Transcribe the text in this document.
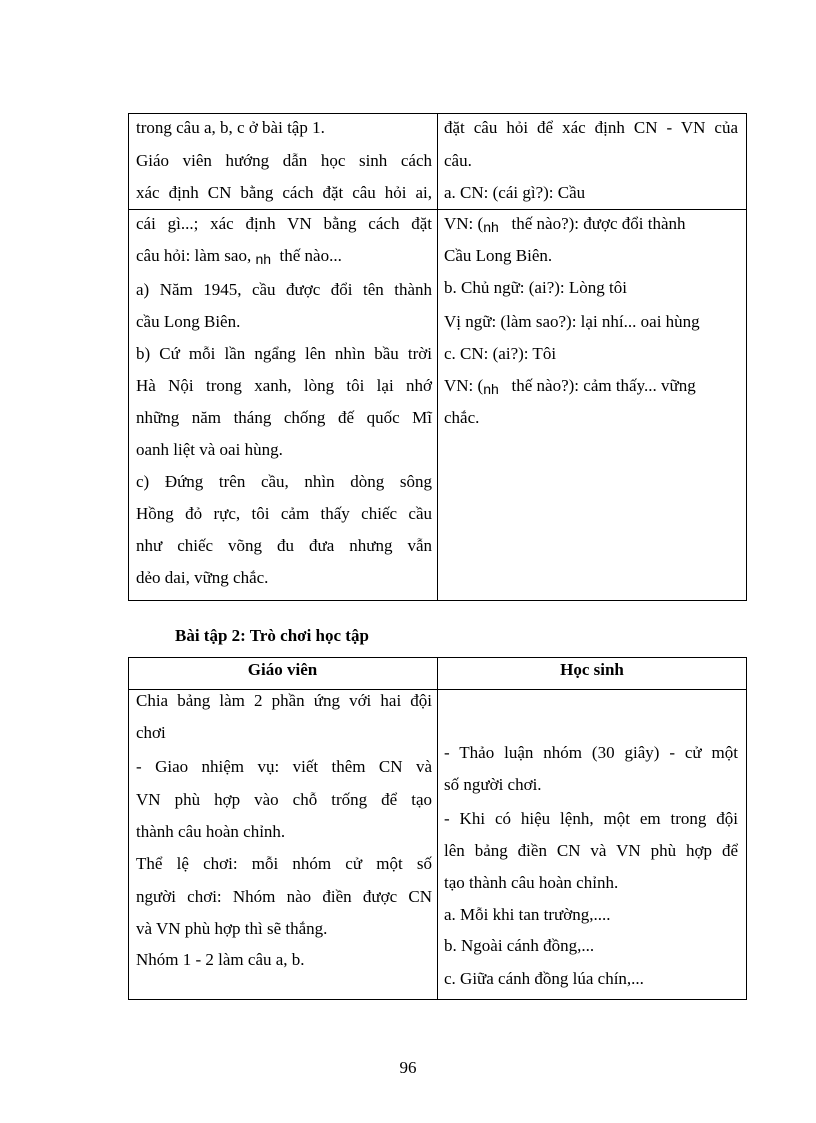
trong câu a, b, c ở bài tập 1.
Giáo viên hướng dẫn học sinh cách
xác định CN bằng cách đặt câu hỏi ai,
đặt câu hỏi để xác định CN - VN của
câu.
a. CN: (cái gì?): Cầu
cái gì...; xác định VN bằng cách đặt
câu hỏi: làm sao, nh thế nào...
a) Năm 1945, cầu được đổi tên thành
cầu Long Biên.
b) Cứ mỗi lần ngẩng lên nhìn bầu trời
Hà Nội trong xanh, lòng tôi lại nhớ
những năm tháng chống đế quốc Mĩ
oanh liệt và oai hùng.
c) Đứng trên cầu, nhìn dòng sông
Hồng đỏ rực, tôi cảm thấy chiếc cầu
như chiếc võng đu đưa nhưng vẫn
dẻo dai, vững chắc.
VN: (nh thế nào?): được đổi thành
Cầu Long Biên.
b. Chủ ngữ: (ai?): Lòng tôi
Vị ngữ: (làm sao?): lại nhí... oai hùng
c. CN: (ai?): Tôi
VN: (nh thế nào?): cảm thấy... vững
chắc.
Bài tập 2: Trò chơi học tập
Giáo viên	Học sinh
Chia bảng làm 2 phần ứng với hai đội
chơi
- Giao nhiệm vụ: viết thêm CN và
VN phù hợp vào chỗ trống để tạo
thành câu hoàn chỉnh.
Thể lệ chơi: mỗi nhóm cử một số
người chơi: Nhóm nào điền được CN
và VN phù hợp thì sẽ thắng.
Nhóm 1 - 2 làm câu a, b.
- Thảo luận nhóm (30 giây) - cử một
số người chơi.
- Khi có hiệu lệnh, một em trong đội
lên bảng điền CN và VN phù hợp để
tạo thành câu hoàn chỉnh.
a. Mỗi khi tan trường,....
b. Ngoài cánh đồng,...
c. Giữa cánh đồng lúa chín,...
96
